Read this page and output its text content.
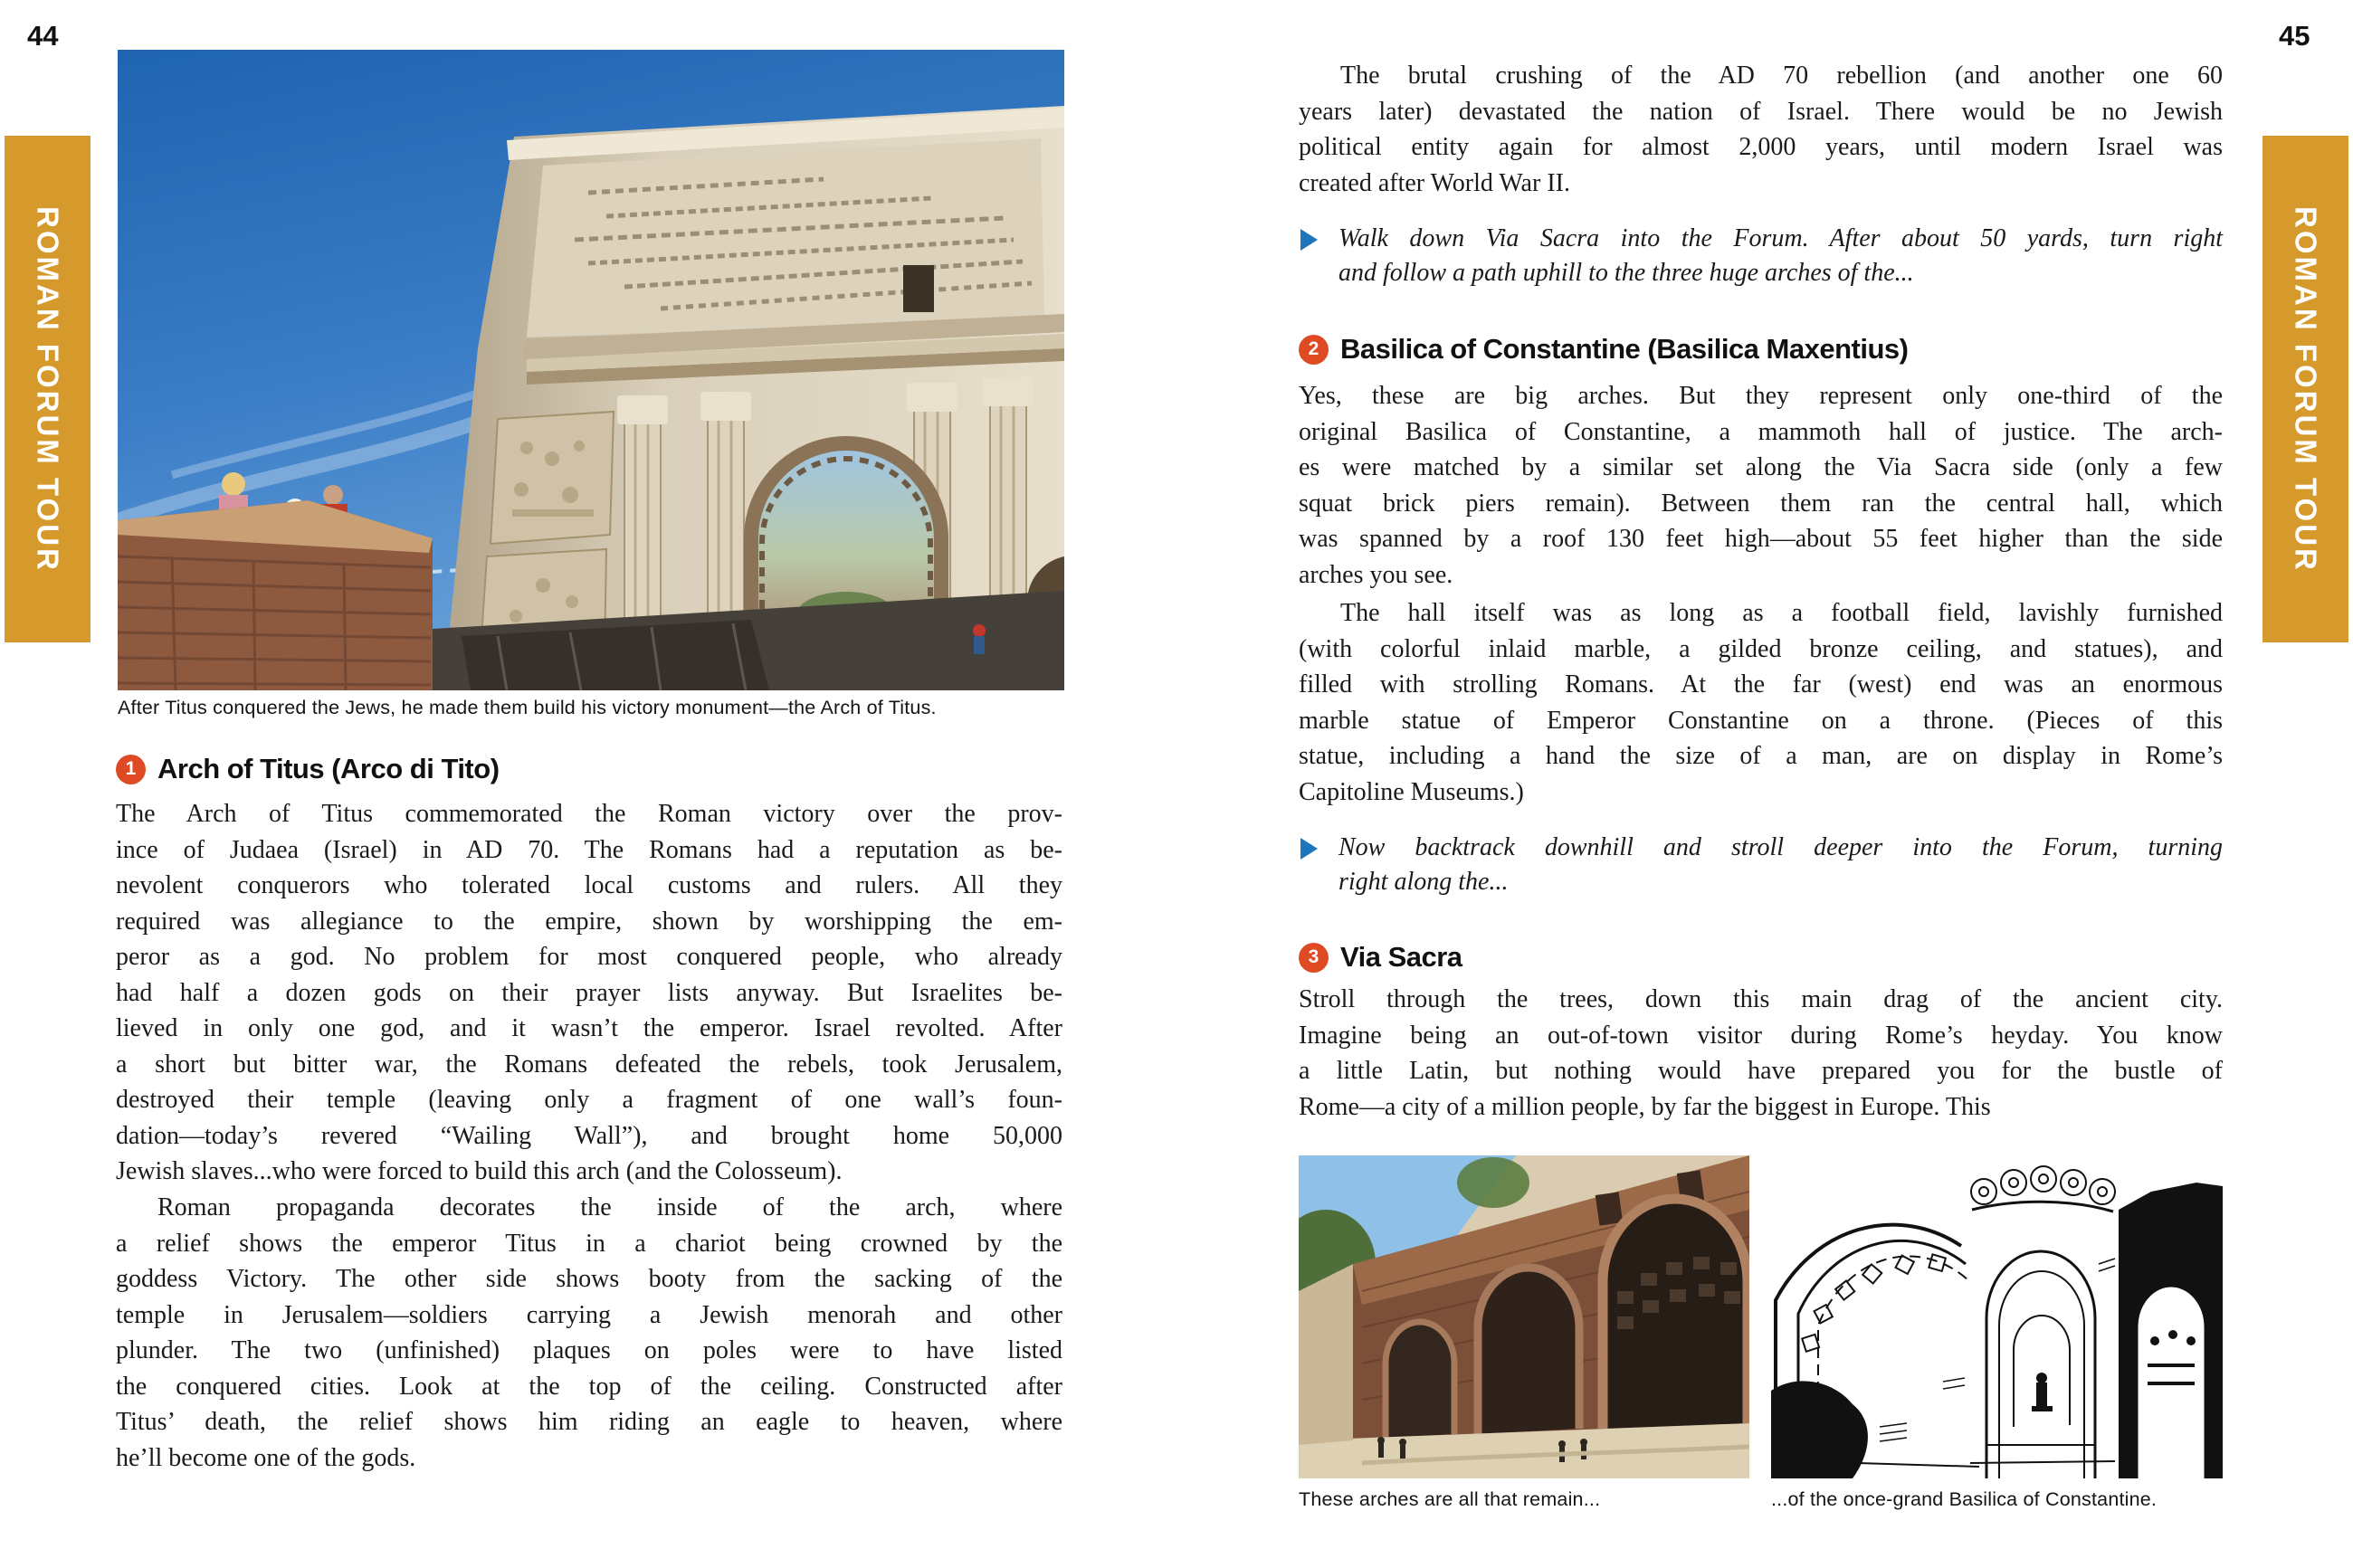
44
ROMAN FORUM TOUR
After Titus conquered the Jews, he made them build his victory monument—the Arch of Titus.
1 Arch of Titus (Arco di Tito)
The Arch of Titus commemorated the Roman victory over the prov-
ince of Judaea (Israel) in AD 70. The Romans had a reputation as be-
nevolent conquerors who tolerated local customs and rulers. All they
required was allegiance to the empire, shown by worshipping the em-
peror as a god. No problem for most conquered people, who already
had half a dozen gods on their prayer lists anyway. But Israelites be-
lieved in only one god, and it wasn’t the emperor. Israel revolted. After
a short but bitter war, the Romans defeated the rebels, took Jerusalem,
destroyed their temple (leaving only a fragment of one wall’s foun-
dation—today’s revered “Wailing Wall”), and brought home 50,000
Jewish slaves...who were forced to build this arch (and the Colosseum).
Roman propaganda decorates the inside of the arch, where
a relief shows the emperor Titus in a chariot being crowned by the
goddess Victory. The other side shows booty from the sacking of the
temple in Jerusalem—soldiers carrying a Jewish menorah and other
plunder. The two (unfinished) plaques on poles were to have listed
the conquered cities. Look at the top of the ceiling. Constructed after
Titus’ death, the relief shows him riding an eagle to heaven, where
he’ll become one of the gods.
45
ROMAN FORUM TOUR
The brutal crushing of the AD 70 rebellion (and another one 60
years later) devastated the nation of Israel. There would be no Jewish
political entity again for almost 2,000 years, until modern Israel was
created after World War II.
Walk down Via Sacra into the Forum. After about 50 yards, turn right
and follow a path uphill to the three huge arches of the...
2 Basilica of Constantine (Basilica Maxentius)
Yes, these are big arches. But they represent only one-third of the
original Basilica of Constantine, a mammoth hall of justice. The arch-
es were matched by a similar set along the Via Sacra side (only a few
squat brick piers remain). Between them ran the central hall, which
was spanned by a roof 130 feet high—about 55 feet higher than the side
arches you see.
The hall itself was as long as a football field, lavishly furnished
(with colorful inlaid marble, a gilded bronze ceiling, and statues), and
filled with strolling Romans. At the far (west) end was an enormous
marble statue of Emperor Constantine on a throne. (Pieces of this
statue, including a hand the size of a man, are on display in Rome’s
Capitoline Museums.)
Now backtrack downhill and stroll deeper into the Forum, turning
right along the...
3 Via Sacra
Stroll through the trees, down this main drag of the ancient city.
Imagine being an out-of-town visitor during Rome’s heyday. You know
a little Latin, but nothing would have prepared you for the bustle of
Rome—a city of a million people, by far the biggest in Europe. This
These arches are all that remain...	...of the once-grand Basilica of Constantine.
